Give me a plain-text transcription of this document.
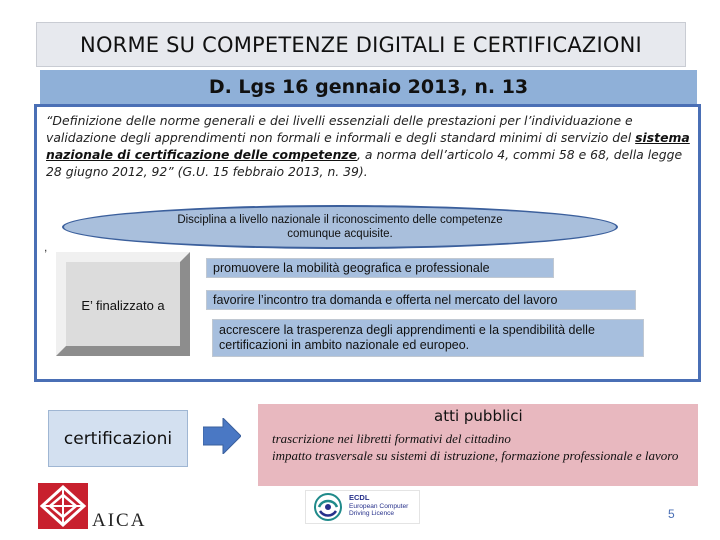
NORME SU COMPETENZE DIGITALI E CERTIFICAZIONI
D. Lgs 16 gennaio 2013, n. 13
“Definizione delle norme generali e dei livelli essenziali delle prestazioni per l’individuazione e validazione degli apprendimenti non formali e informali e degli standard minimi di servizio del sistema nazionale di certificazione delle competenze, a norma dell’articolo 4, commi 58 e 68, della legge 28 giugno 2012, 92” (G.U. 15 febbraio 2013, n. 39).
,
Disciplina a livello nazionale il riconoscimento delle competenze comunque acquisite.
E’ finalizzato a
promuovere la mobilità geografica e professionale
favorire l’incontro tra domanda e offerta nel mercato del lavoro
accrescere la trasperenza degli apprendimenti e la spendibilità delle certificazioni in ambito nazionale ed europeo.
certificazioni
atti pubblici
trascrizione nei libretti formativi del cittadino
impatto trasversale su sistemi di istruzione, formazione professionale e lavoro
AICA
ECDL
European Computer
Driving Licence	5
